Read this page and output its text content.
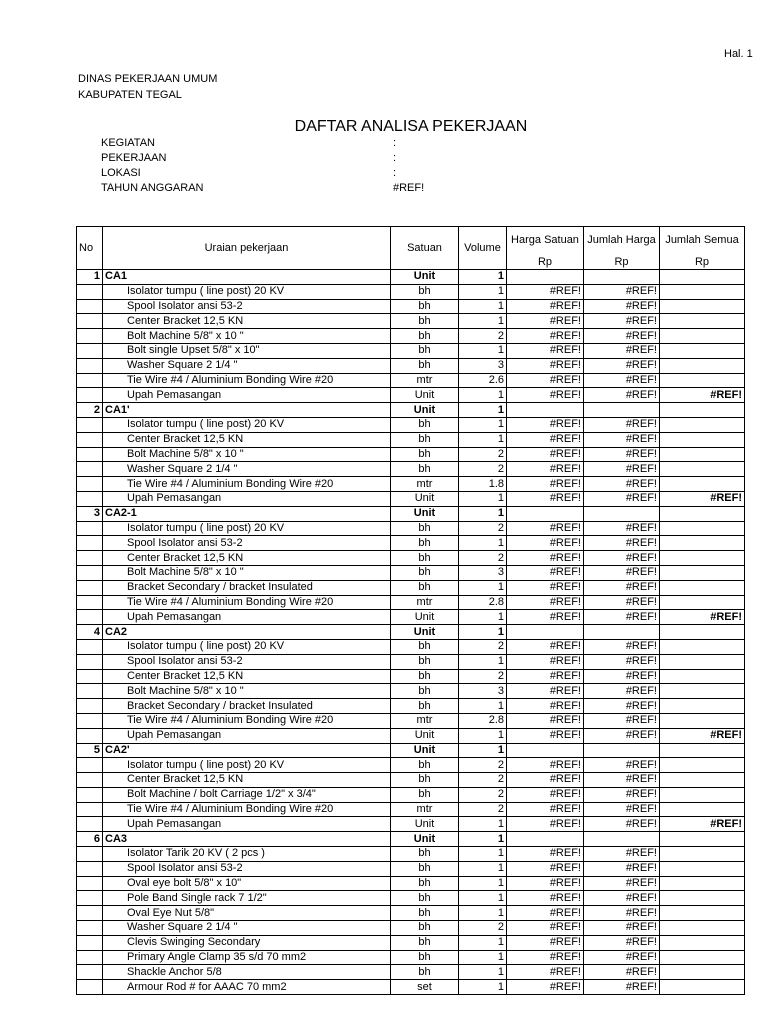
Hal. 1
DINAS PEKERJAAN UMUM
KABUPATEN TEGAL
DAFTAR ANALISA PEKERJAAN
KEGIATAN	:
PEKERJAAN	:
LOKASI	:
TAHUN ANGGARAN	#REF!
No	Uraian pekerjaan	Satuan	Volume	Harga Satuan	Jumlah Harga	Jumlah Semua
				Rp	Rp	Rp
1	CA1	Unit	1			
	Isolator tumpu ( line post) 20 KV	bh	1	#REF!	#REF!	
	Spool Isolator ansi 53-2	bh	1	#REF!	#REF!	
	Center Bracket 12,5 KN	bh	1	#REF!	#REF!	
	Bolt Machine 5/8" x 10 "	bh	2	#REF!	#REF!	
	Bolt single Upset 5/8" x 10"	bh	1	#REF!	#REF!	
	Washer Square 2 1/4 "	bh	3	#REF!	#REF!	
	Tie Wire #4 / Aluminium Bonding Wire #20	mtr	2.6	#REF!	#REF!	
	Upah Pemasangan	Unit	1	#REF!	#REF!	#REF!
2	CA1'	Unit	1			
	Isolator tumpu ( line post) 20 KV	bh	1	#REF!	#REF!	
	Center Bracket 12,5 KN	bh	1	#REF!	#REF!	
	Bolt Machine 5/8" x 10 "	bh	2	#REF!	#REF!	
	Washer Square 2 1/4 "	bh	2	#REF!	#REF!	
	Tie Wire #4 / Aluminium Bonding Wire #20	mtr	1.8	#REF!	#REF!	
	Upah Pemasangan	Unit	1	#REF!	#REF!	#REF!
3	CA2-1	Unit	1			
	Isolator tumpu ( line post) 20 KV	bh	2	#REF!	#REF!	
	Spool Isolator ansi 53-2	bh	1	#REF!	#REF!	
	Center Bracket 12,5 KN	bh	2	#REF!	#REF!	
	Bolt Machine 5/8" x 10 "	bh	3	#REF!	#REF!	
	Bracket Secondary / bracket Insulated	bh	1	#REF!	#REF!	
	Tie Wire #4 / Aluminium Bonding Wire #20	mtr	2.8	#REF!	#REF!	
	Upah Pemasangan	Unit	1	#REF!	#REF!	#REF!
4	CA2	Unit	1			
	Isolator tumpu ( line post) 20 KV	bh	2	#REF!	#REF!	
	Spool Isolator ansi 53-2	bh	1	#REF!	#REF!	
	Center Bracket 12,5 KN	bh	2	#REF!	#REF!	
	Bolt Machine 5/8" x 10 "	bh	3	#REF!	#REF!	
	Bracket Secondary / bracket Insulated	bh	1	#REF!	#REF!	
	Tie Wire #4 / Aluminium Bonding Wire #20	mtr	2.8	#REF!	#REF!	
	Upah Pemasangan	Unit	1	#REF!	#REF!	#REF!
5	CA2'	Unit	1			
	Isolator tumpu ( line post) 20 KV	bh	2	#REF!	#REF!	
	Center Bracket 12,5 KN	bh	2	#REF!	#REF!	
	Bolt Machine / bolt Carriage 1/2" x 3/4"	bh	2	#REF!	#REF!	
	Tie Wire #4 / Aluminium Bonding Wire #20	mtr	2	#REF!	#REF!	
	Upah Pemasangan	Unit	1	#REF!	#REF!	#REF!
6	CA3	Unit	1			
	Isolator Tarik 20 KV ( 2 pcs )	bh	1	#REF!	#REF!	
	Spool Isolator ansi 53-2	bh	1	#REF!	#REF!	
	Oval eye bolt 5/8" x 10"	bh	1	#REF!	#REF!	
	Pole Band Single rack 7 1/2"	bh	1	#REF!	#REF!	
	Oval Eye Nut 5/8"	bh	1	#REF!	#REF!	
	Washer Square 2 1/4 "	bh	2	#REF!	#REF!	
	Clevis Swinging Secondary	bh	1	#REF!	#REF!	
	Primary Angle Clamp 35 s/d 70 mm2	bh	1	#REF!	#REF!	
	Shackle Anchor 5/8	bh	1	#REF!	#REF!	
	Armour Rod # for AAAC 70 mm2	set	1	#REF!	#REF!	
